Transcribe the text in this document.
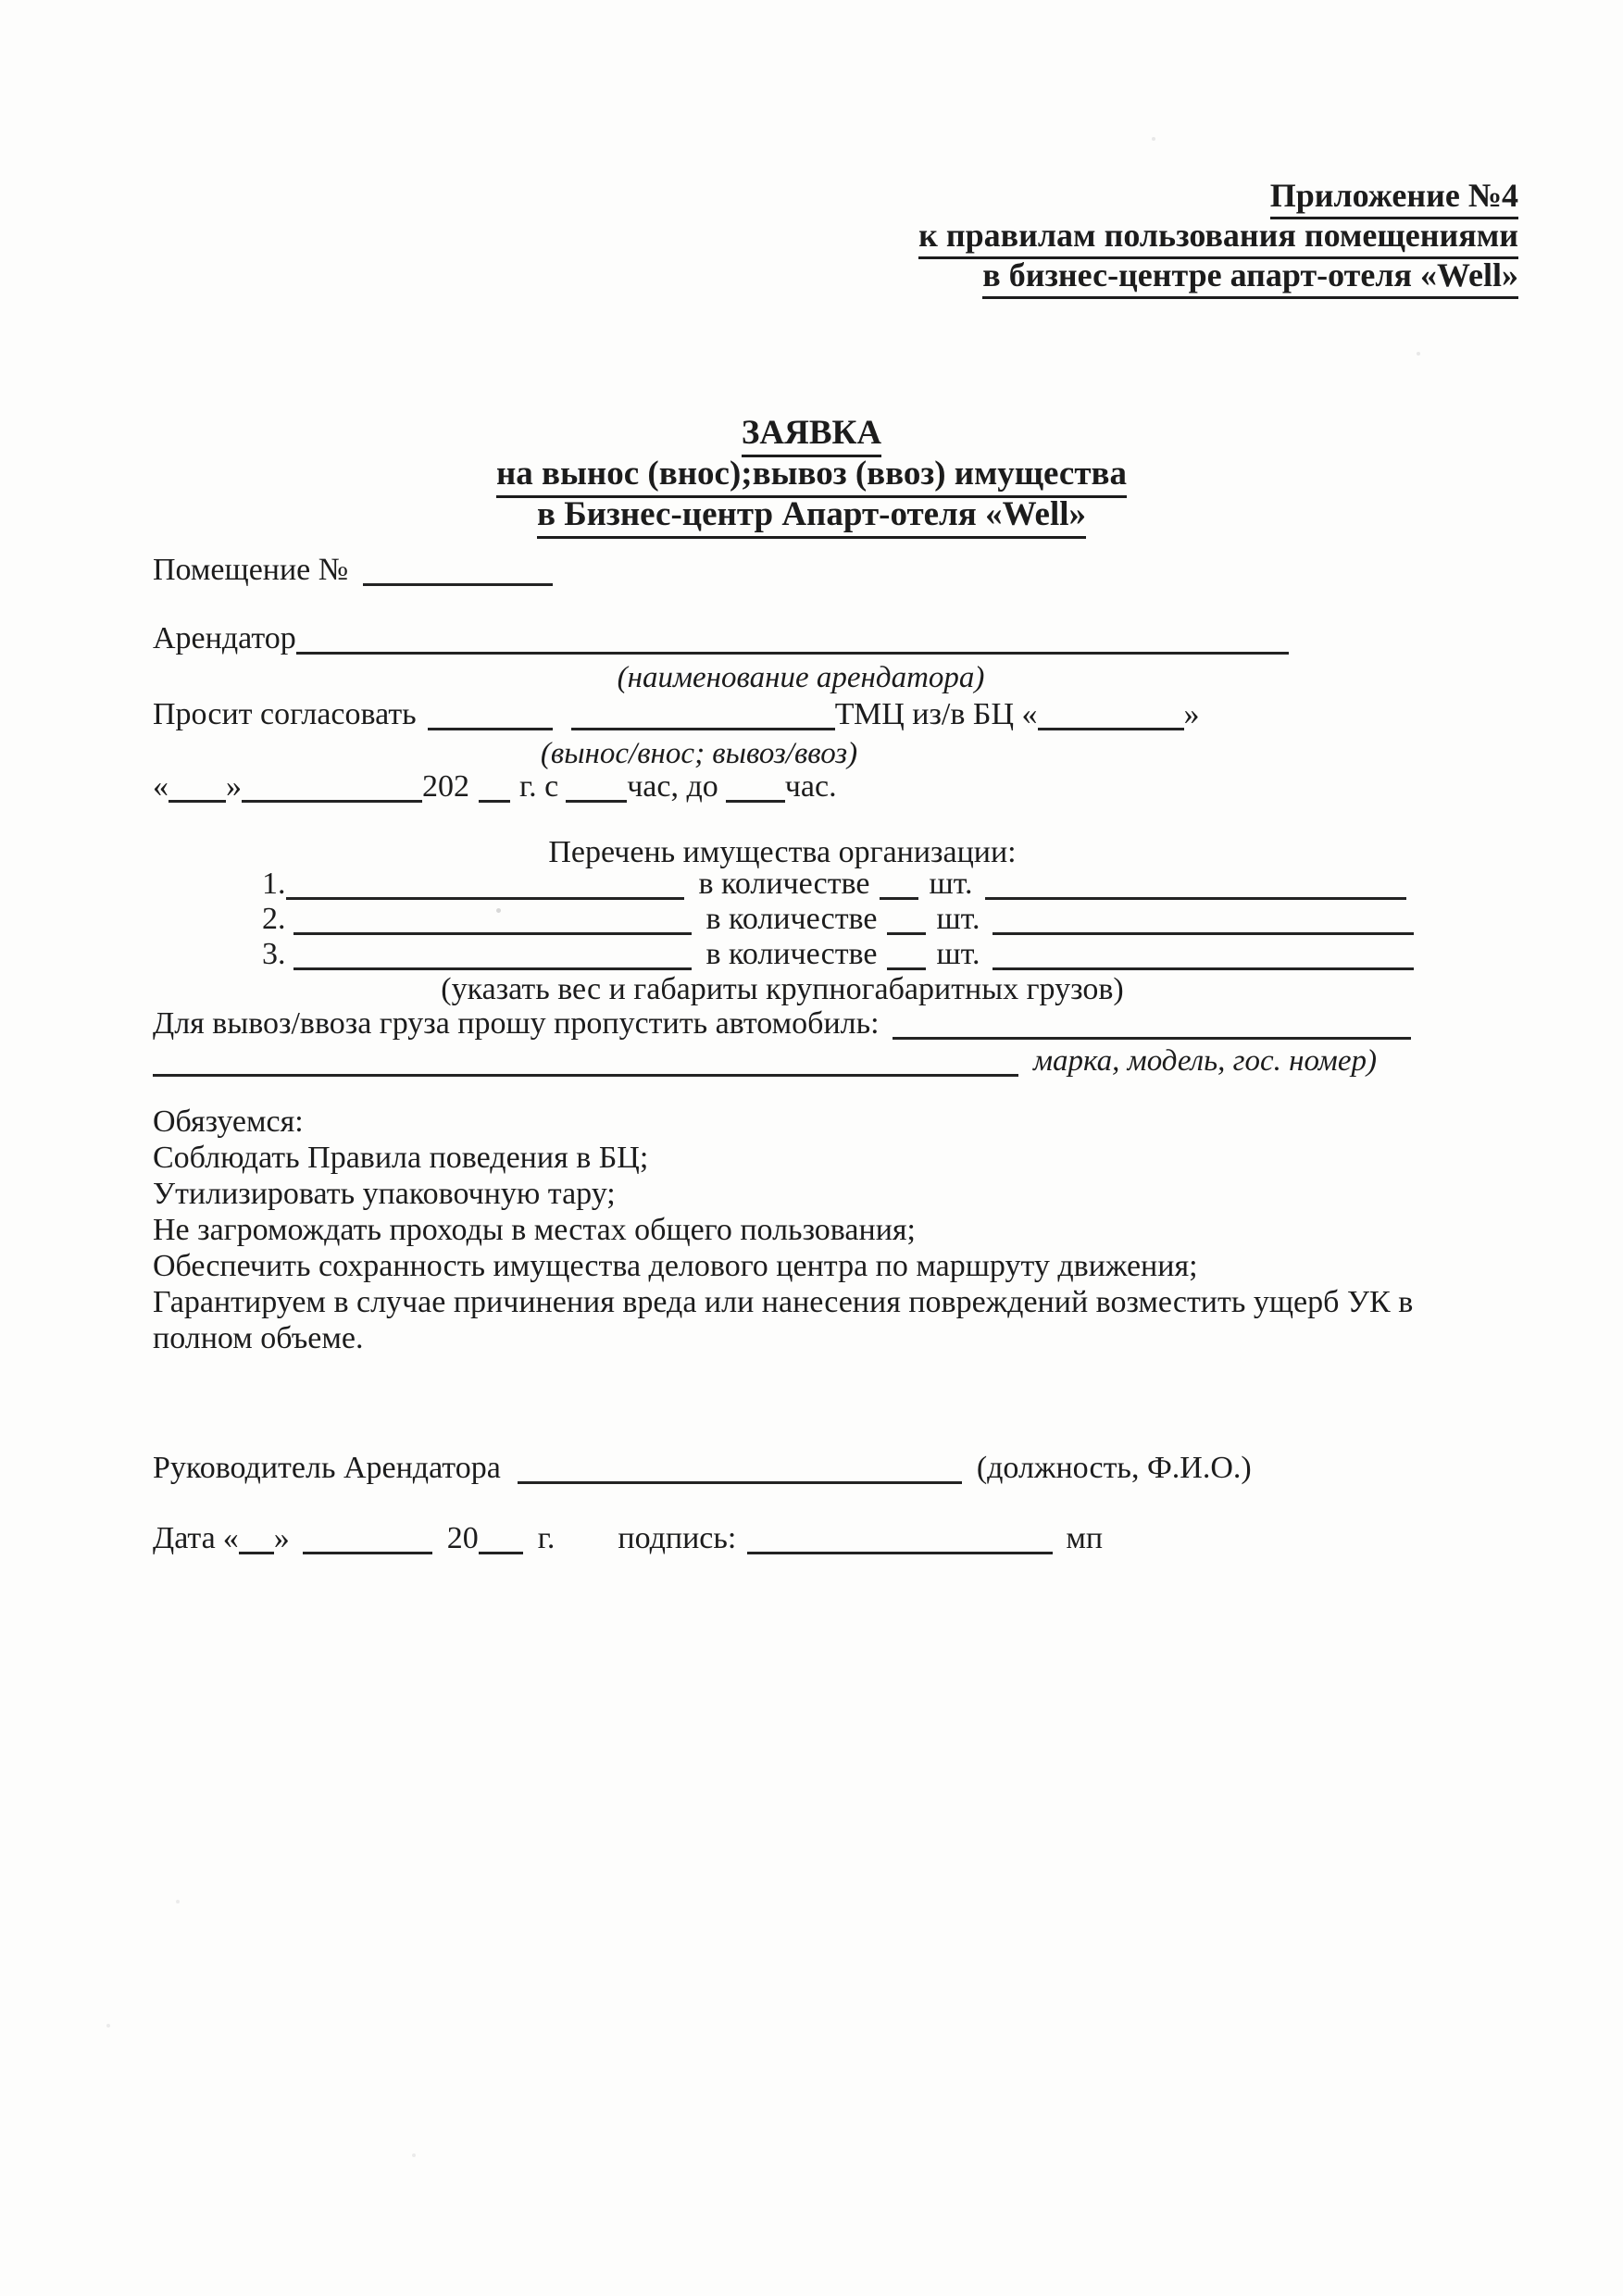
Приложение №4
к правилам пользования помещениями
в бизнес-центре апарт-отеля «Well»
ЗАЯВКА
на вынос (внос);вывоз (ввоз) имущества
в Бизнес-центр Апарт-отеля «Well»
Помещение №
Арендатор
(наименование арендатора)
Просит согласовать	ТМЦ из/в БЦ «	»
(вынос/внос; вывоз/ввоз)
« »	202 г. с час, до час.
Перечень имущества организации:
1.	в количестве шт.
2.	в количестве шт.
3.	в количестве шт.
(указать вес и габариты крупногабаритных грузов)
Для вывоз/ввоза груза прошу пропустить автомобиль:
марка, модель, гос. номер)
Обязуемся:
Соблюдать Правила поведения в БЦ;
Утилизировать упаковочную тару;
Не загромождать проходы в местах общего пользования;
Обеспечить сохранность имущества делового центра по маршруту движения;
Гарантируем в случае причинения вреда или нанесения повреждений возместить ущерб УК в полном объеме.
Руководитель Арендатора	(должность, Ф.И.О.)
Дата « »	20 г. подпись:	мп
